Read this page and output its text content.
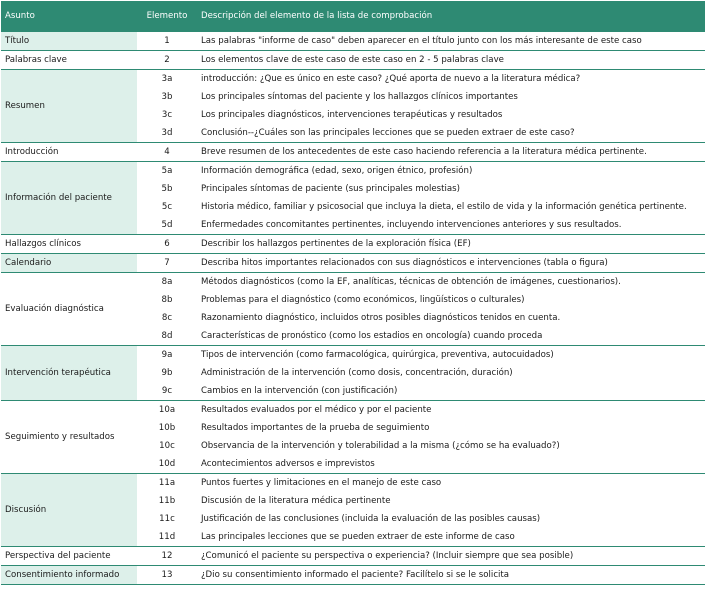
Asunto	Elemento	Descripción del elemento de la lista de comprobación
Título	1	Las palabras "informe de caso" deben aparecer en el título junto con los más interesante de este caso
Palabras clave	2	Los elementos clave de este caso de este caso en 2 - 5 palabras clave
Resumen	3a	introducción: ¿Que es único en este caso? ¿Qué aporta de nuevo a la literatura médica?
	3b	Los principales síntomas del paciente y los hallazgos clínicos importantes
	3c	Los principales diagnósticos, intervenciones terapéuticas y resultados
	3d	Conclusión--¿Cuáles son las principales lecciones que se pueden extraer de este caso?
Introducción	4	Breve resumen de los antecedentes de este caso haciendo referencia a la literatura médica pertinente.
Información del paciente	5a	Información demográfica (edad, sexo, origen étnico, profesión)
	5b	Principales síntomas de paciente (sus principales molestias)
	5c	Historia médico, familiar y psicosocial que incluya la dieta, el estilo de vida y la información genética pertinente.
	5d	Enfermedades concomitantes pertinentes, incluyendo intervenciones anteriores y sus resultados.
Hallazgos clínicos	6	Describir los hallazgos pertinentes de la exploración física (EF)
Calendario	7	Describa hitos importantes relacionados con sus diagnósticos e intervenciones (tabla o figura)
Evaluación diagnóstica	8a	Métodos diagnósticos (como la EF, analíticas, técnicas de obtención de imágenes, cuestionarios).
	8b	Problemas para el diagnóstico (como económicos, lingüísticos o culturales)
	8c	Razonamiento diagnóstico, incluidos otros posibles diagnósticos tenidos en cuenta.
	8d	Características de pronóstico (como los estadios en oncología) cuando proceda
Intervención terapéutica	9a	Tipos de intervención (como farmacológica, quirúrgica, preventiva, autocuidados)
	9b	Administración de la intervención (como dosis, concentración, duración)
	9c	Cambios en la intervención (con justificación)
Seguimiento y resultados	10a	Resultados evaluados por el médico y por el paciente
	10b	Resultados importantes de la prueba de seguimiento
	10c	Observancia de la intervención y tolerabilidad a la misma (¿cómo se ha evaluado?)
	10d	Acontecimientos adversos e imprevistos
Discusión	11a	Puntos fuertes y limitaciones en el manejo de este caso
	11b	Discusión de la literatura médica pertinente
	11c	Justificación de las conclusiones (incluida la evaluación de las posibles causas)
	11d	Las principales lecciones que se pueden extraer de este informe de caso
Perspectiva del paciente	12	¿Comunicó el paciente su perspectiva o experiencia? (Incluir siempre que sea posible)
Consentimiento informado	13	¿Dio su consentimiento informado el paciente? Facilítelo si se le solicita
